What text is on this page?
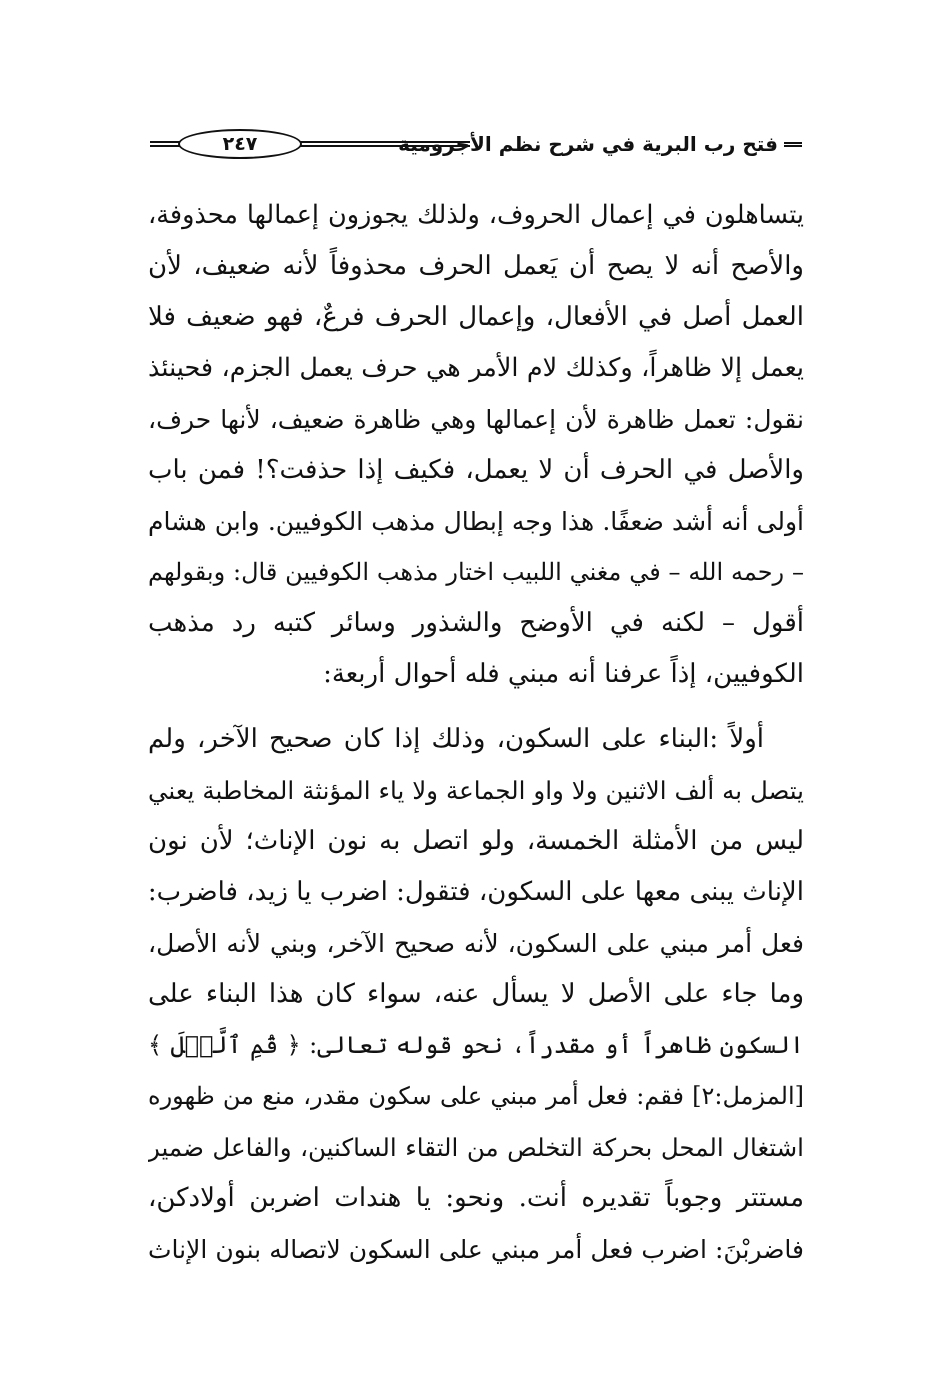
فتح رب البرية في شرح نظم الأجرومية
٢٤٧
يتساهلون في إعمال الحروف، ولذلك يجوزون إعمالها محذوفة،
والأصح أنه لا يصح أن يَعمل الحرف محذوفاً لأنه ضعيف، لأن
العمل أصل في الأفعال، وإعمال الحرف فرعٌ، فهو ضعيف فلا
يعمل إلا ظاهراً، وكذلك لام الأمر هي حرف يعمل الجزم، فحينئذ
نقول: تعمل ظاهرة لأن إعمالها وهي ظاهرة ضعيف، لأنها حرف،
والأصل في الحرف أن لا يعمل، فكيف إذا حذفت؟! فمن باب
أولى أنه أشد ضعفًا. هذا وجه إبطال مذهب الكوفيين. وابن هشام
– رحمه الله – في مغني اللبيب اختار مذهب الكوفيين قال: وبقولهم
أقول – لكنه في الأوضح والشذور وسائر كتبه رد مذهب
الكوفيين، إذاً عرفنا أنه مبني فله أحوال أربعة:
أولاً :البناء على السكون، وذلك إذا كان صحيح الآخر، ولم
يتصل به ألف الاثنين ولا واو الجماعة ولا ياء المؤنثة المخاطبة يعني
ليس من الأمثلة الخمسة، ولو اتصل به نون الإناث؛ لأن نون
الإناث يبنى معها على السكون، فتقول: اضرب يا زيد، فاضرب:
فعل أمر مبني على السكون، لأنه صحيح الآخر، وبني لأنه الأصل،
وما جاء على الأصل لا يسأل عنه، سواء كان هذا البناء على
السكون ظاهراً أو مقدراً، نحو قوله تعالى: ﴿ قُمِ ٱلَّيۡلَ ﴾
[المزمل:٢] فقم: فعل أمر مبني على سكون مقدر، منع من ظهوره
اشتغال المحل بحركة التخلص من التقاء الساكنين، والفاعل ضمير
مستتر وجوباً تقديره أنت. ونحو: يا هندات اضربن أولادكن،
فاضربْنَ: اضرب فعل أمر مبني على السكون لاتصاله بنون الإناث
